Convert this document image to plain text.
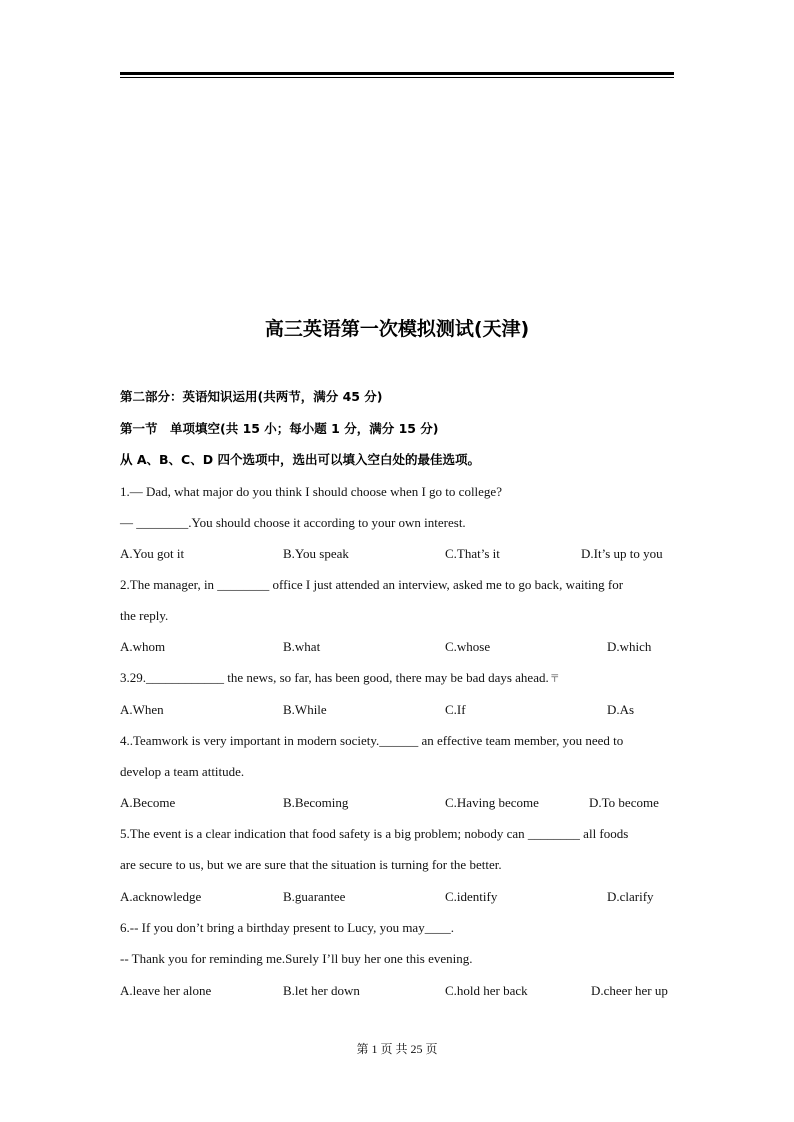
高三英语第一次模拟测试(天津)
第二部分：英语知识运用(共两节，满分 45 分)
第一节　单项填空(共 15 小；每小题 1 分，满分 15 分)
从 A、B、C、D 四个选项中，选出可以填入空白处的最佳选项。
1.— Dad, what major do you think I should choose when I go to college?
— ________.You should choose it according to your own interest.
A.You got it	B.You speak	C.That’s it	D.It’s up to you
2.The manager, in ________ office I just attended an interview, asked me to go back, waiting for
the reply.
A.whom	B.what	C.whose	D.which
3.29.____________ the news, so far, has been good, there may be bad days ahead.〒
A.When	B.While	C.If	D.As
4..Teamwork is very important in modern society.______ an effective team member, you need to
develop a team attitude.
A.Become	B.Becoming	C.Having become	D.To become
5.The event is a clear indication that food safety is a big problem; nobody can ________ all foods
are secure to us, but we are sure that the situation is turning for the better.
A.acknowledge	B.guarantee	C.identify	D.clarify
6.-- If you don’t bring a birthday present to Lucy, you may____.
-- Thank you for reminding me.Surely I’ll buy her one this evening.
A.leave her alone	B.let her down	C.hold her back	D.cheer her up
第 1 页 共 25 页
